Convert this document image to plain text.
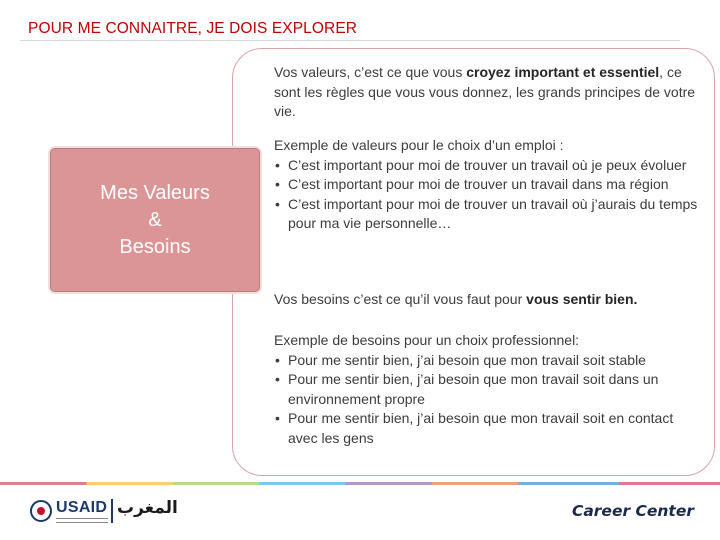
POUR ME CONNAITRE, JE DOIS EXPLORER
Mes Valeurs
&
Besoins

Vos valeurs, c’est ce que vous croyez important et essentiel, ce sont les règles que vous vous donnez, les grands principes de votre vie.

Exemple de valeurs pour le choix d’un emploi :

• C’est important pour moi de trouver un travail où je peux évoluer
• C’est important pour moi de trouver un travail dans ma région
• C’est important pour moi de trouver un travail où j’aurais du temps pour ma vie personnelle…

Vos besoins c’est ce qu’il vous faut pour vous sentir bien.

Exemple de besoins pour un choix professionnel:

• Pour me sentir bien, j’ai besoin que mon travail soit stable
• Pour me sentir bien, j’ai besoin que mon travail soit dans un environnement propre
• Pour me sentir bien, j’ai besoin que mon travail soit en contact avec les gens
USAID المغرب	Career Center
